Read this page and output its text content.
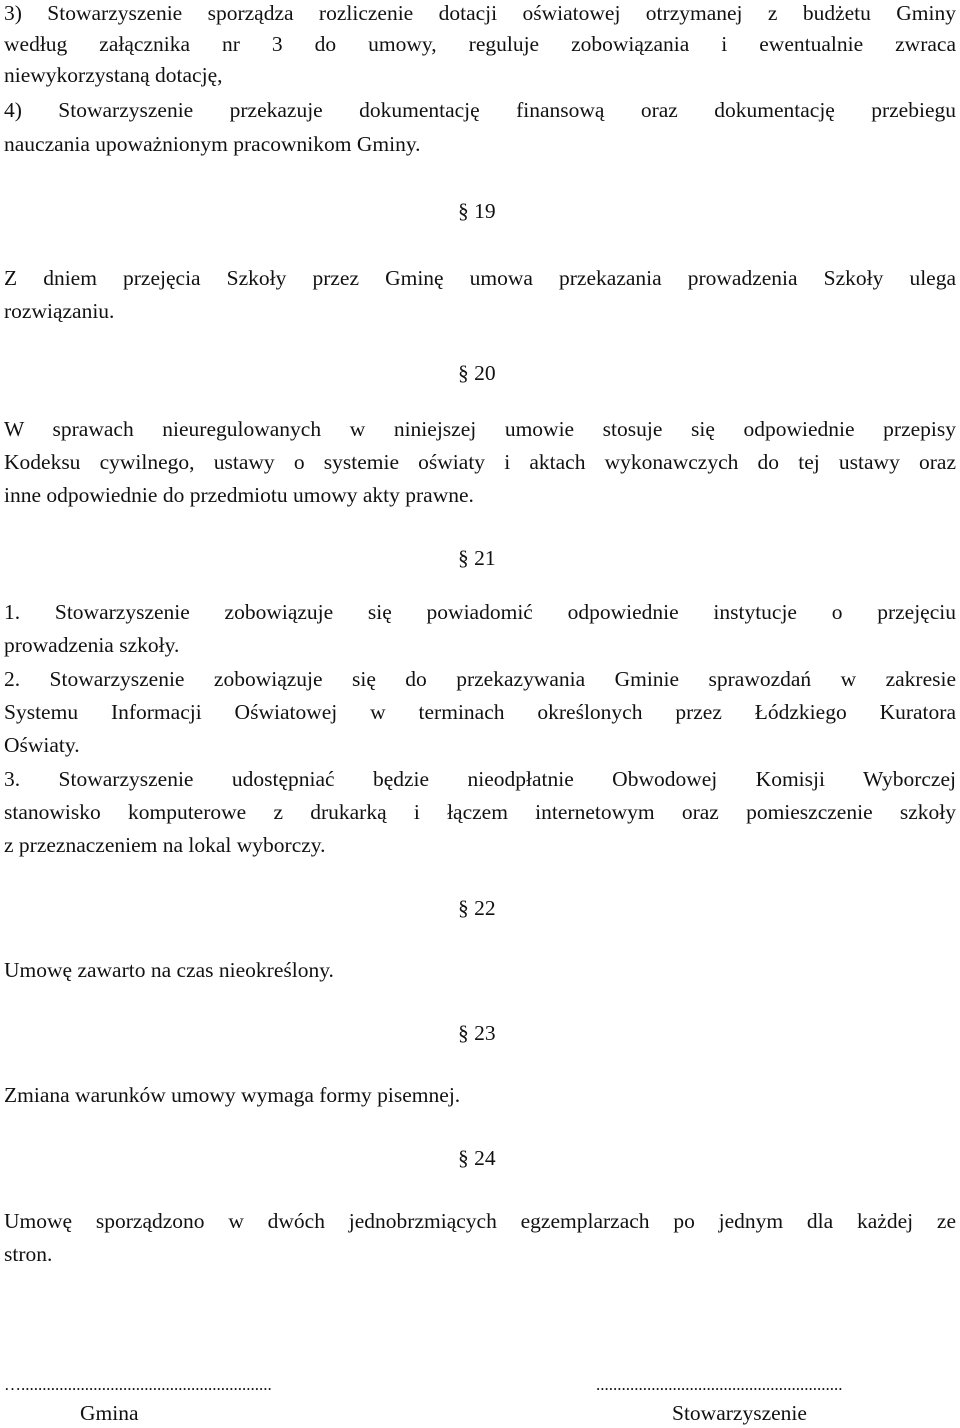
3) Stowarzyszenie sporządza rozliczenie dotacji oświatowej otrzymanej z budżetu Gminy
według załącznika nr 3 do umowy, reguluje zobowiązania i ewentualnie zwraca
niewykorzystaną dotację,
4) Stowarzyszenie przekazuje dokumentację finansową oraz dokumentację przebiegu
nauczania upoważnionym pracownikom Gminy.
§ 19
Z dniem przejęcia Szkoły przez Gminę umowa przekazania prowadzenia Szkoły ulega
rozwiązaniu.
§ 20
W sprawach nieuregulowanych w niniejszej umowie stosuje się odpowiednie przepisy
Kodeksu cywilnego, ustawy o systemie oświaty i aktach wykonawczych do tej ustawy oraz
inne odpowiednie do przedmiotu umowy akty prawne.
§ 21
1. Stowarzyszenie zobowiązuje się powiadomić odpowiednie instytucje o przejęciu
prowadzenia szkoły.
2. Stowarzyszenie zobowiązuje się do przekazywania Gminie sprawozdań w zakresie
Systemu Informacji Oświatowej w terminach określonych przez Łódzkiego Kuratora
Oświaty.
3. Stowarzyszenie udostępniać będzie nieodpłatnie Obwodowej Komisji Wyborczej
stanowisko komputerowe z drukarką i łączem internetowym oraz pomieszczenie szkoły
z przeznaczeniem na lokal wyborczy.
§ 22
Umowę zawarto na czas nieokreślony.
§ 23
Zmiana warunków umowy wymaga formy pisemnej.
§ 24
Umowę sporządzono w dwóch jednobrzmiących egzemplarzach po jednym dla każdej ze
stron.
…...........................................................
Gmina
..........................................................
Stowarzyszenie
